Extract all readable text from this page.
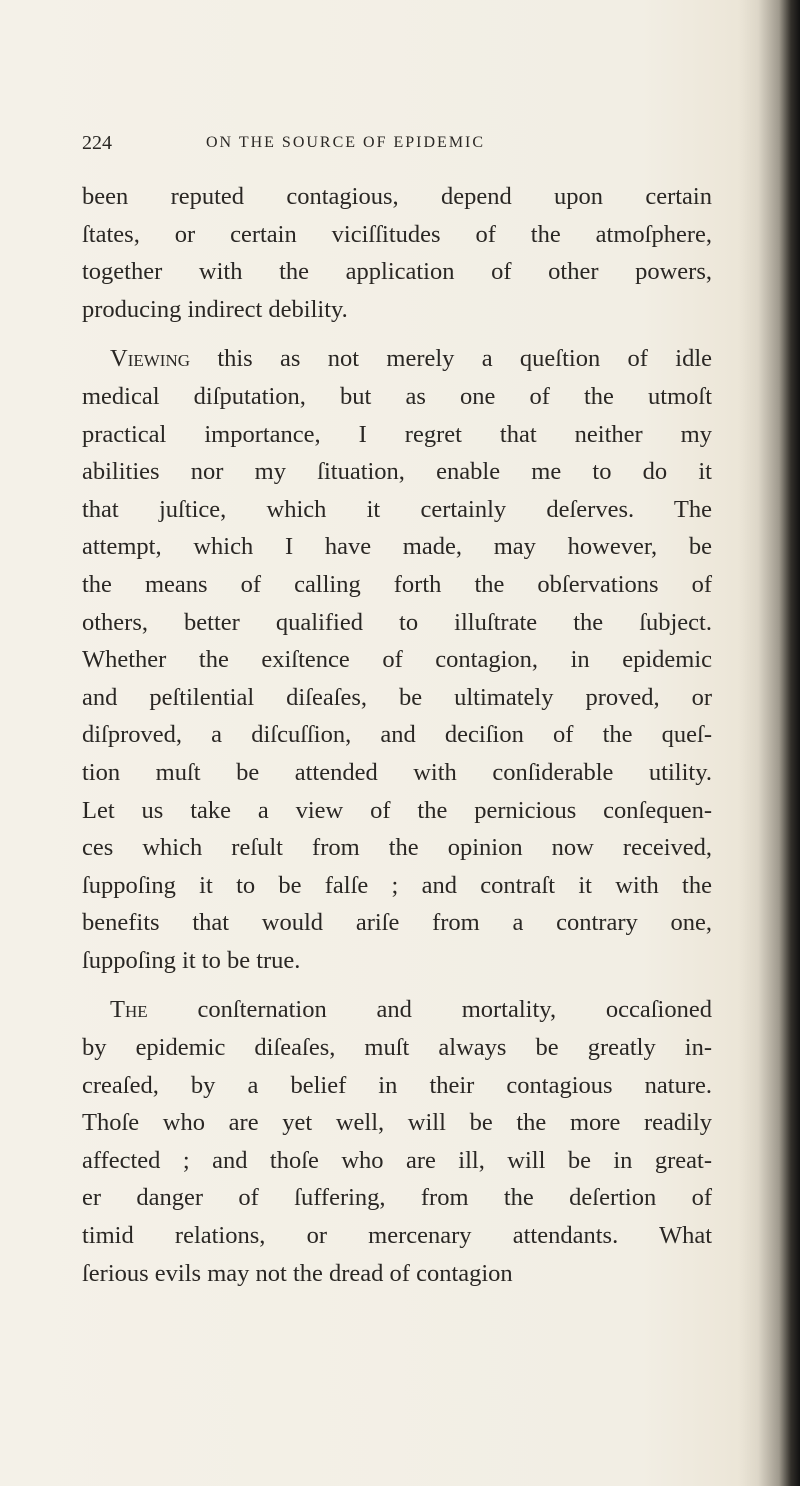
224	ON THE SOURCE OF EPIDEMIC

been reputed contagious, depend upon certain
ſtates, or certain viciſſitudes of the atmoſphere,
together with the application of other powers,
producing indirect debility.

Viewing this as not merely a queſtion of idle
medical diſputation, but as one of the utmoſt
practical importance, I regret that neither my
abilities nor my ſituation, enable me to do it
that juſtice, which it certainly deſerves. The
attempt, which I have made, may however, be
the means of calling forth the obſervations of
others, better qualified to illuſtrate the ſubject.
Whether the exiſtence of contagion, in epidemic
and peſtilential diſeaſes, be ultimately proved, or
diſproved, a diſcuſſion, and deciſion of the queſ-
tion muſt be attended with conſiderable utility.
Let us take a view of the pernicious conſequen-
ces which reſult from the opinion now received,
ſuppoſing it to be falſe ; and contraſt it with the
benefits that would ariſe from a contrary one,
ſuppoſing it to be true.

The conſternation and mortality, occaſioned
by epidemic diſeaſes, muſt always be greatly in-
creaſed, by a belief in their contagious nature.
Thoſe who are yet well, will be the more readily
affected ; and thoſe who are ill, will be in great-
er danger of ſuffering, from the deſertion of
timid relations, or mercenary attendants. What
ſerious evils may not the dread of contagion
